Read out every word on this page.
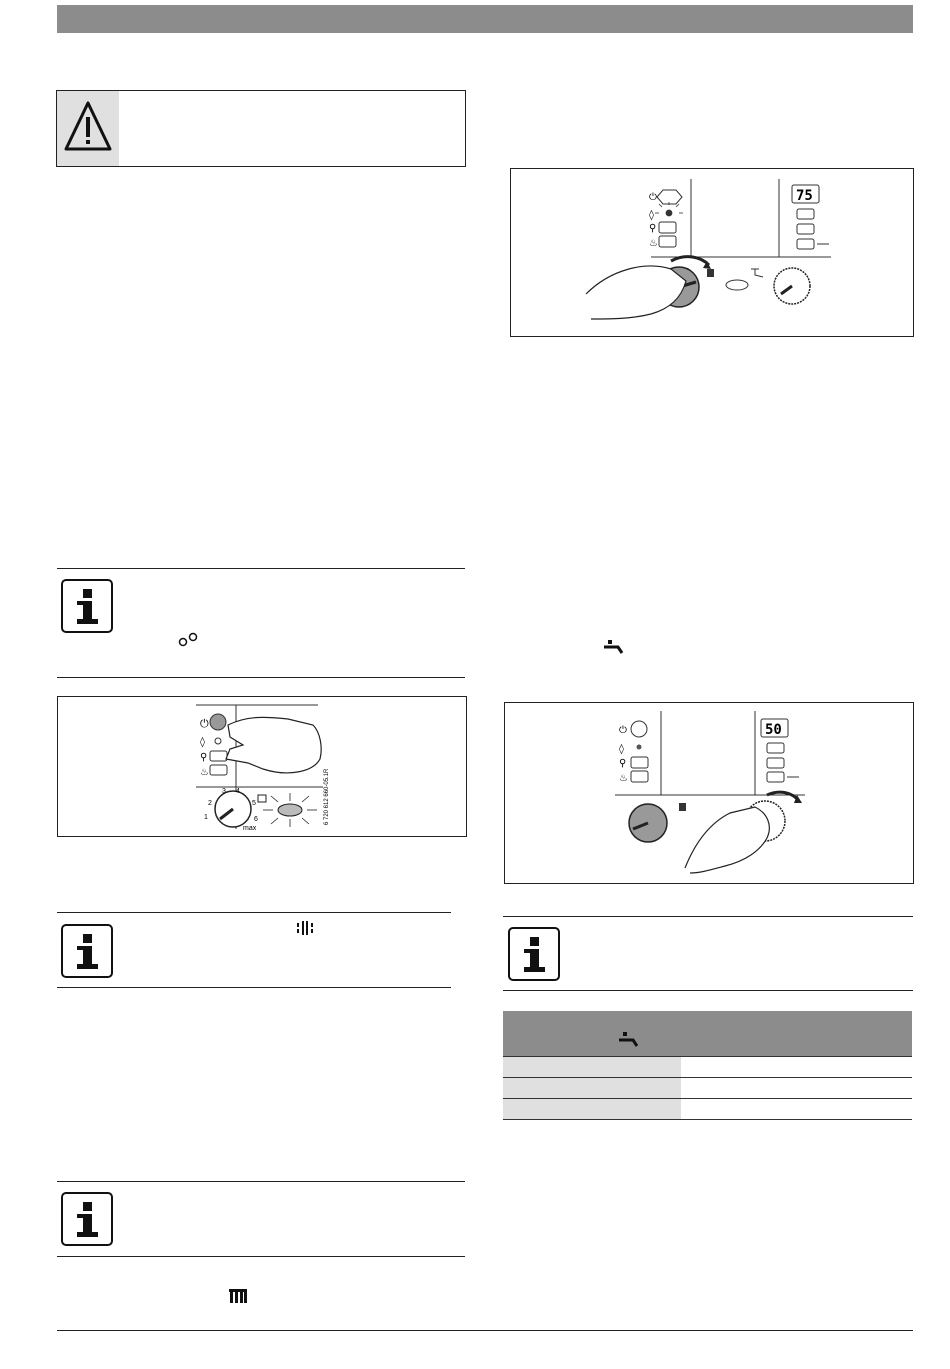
⏻
◊
⚲
♨
2
3 4
5
1	6
max
6 720 612 660-05.1R
⏻
◊
⚲
♨
75
⏻
◊
⚲
♨
50
